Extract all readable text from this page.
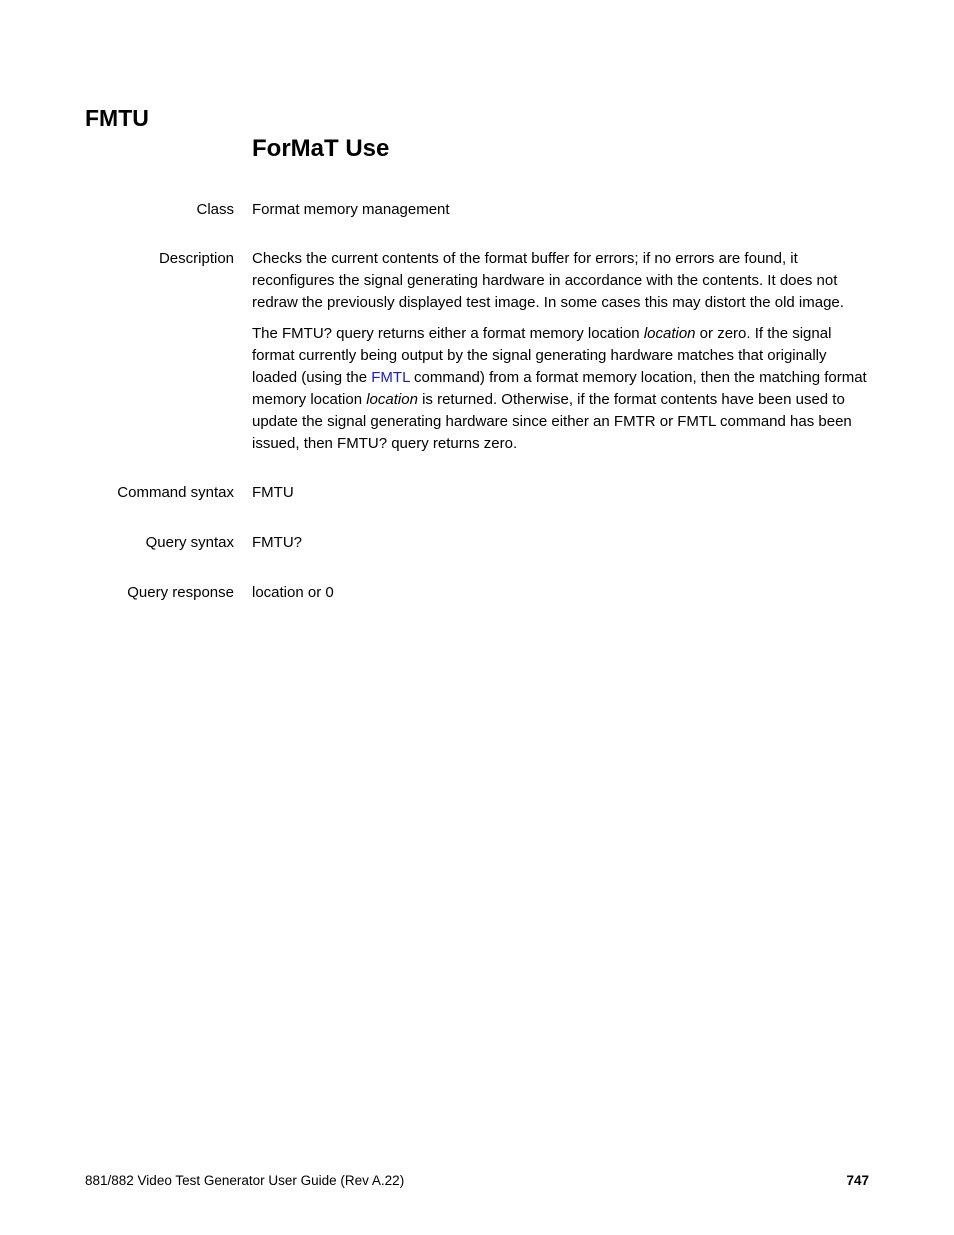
FMTU
ForMaT Use
Class Format memory management
Description Checks the current contents of the format buffer for errors; if no errors are found, it reconfigures the signal generating hardware in accordance with the contents. It does not redraw the previously displayed test image. In some cases this may distort the old image.

The FMTU? query returns either a format memory location location or zero. If the signal format currently being output by the signal generating hardware matches that originally loaded (using the FMTL command) from a format memory location, then the matching format memory location location is returned. Otherwise, if the format contents have been used to update the signal generating hardware since either an FMTR or FMTL command has been issued, then FMTU? query returns zero.

Command syntax FMTU
Query syntax FMTU?
Query response location or 0
881/882 Video Test Generator User Guide (Rev A.22)	747
